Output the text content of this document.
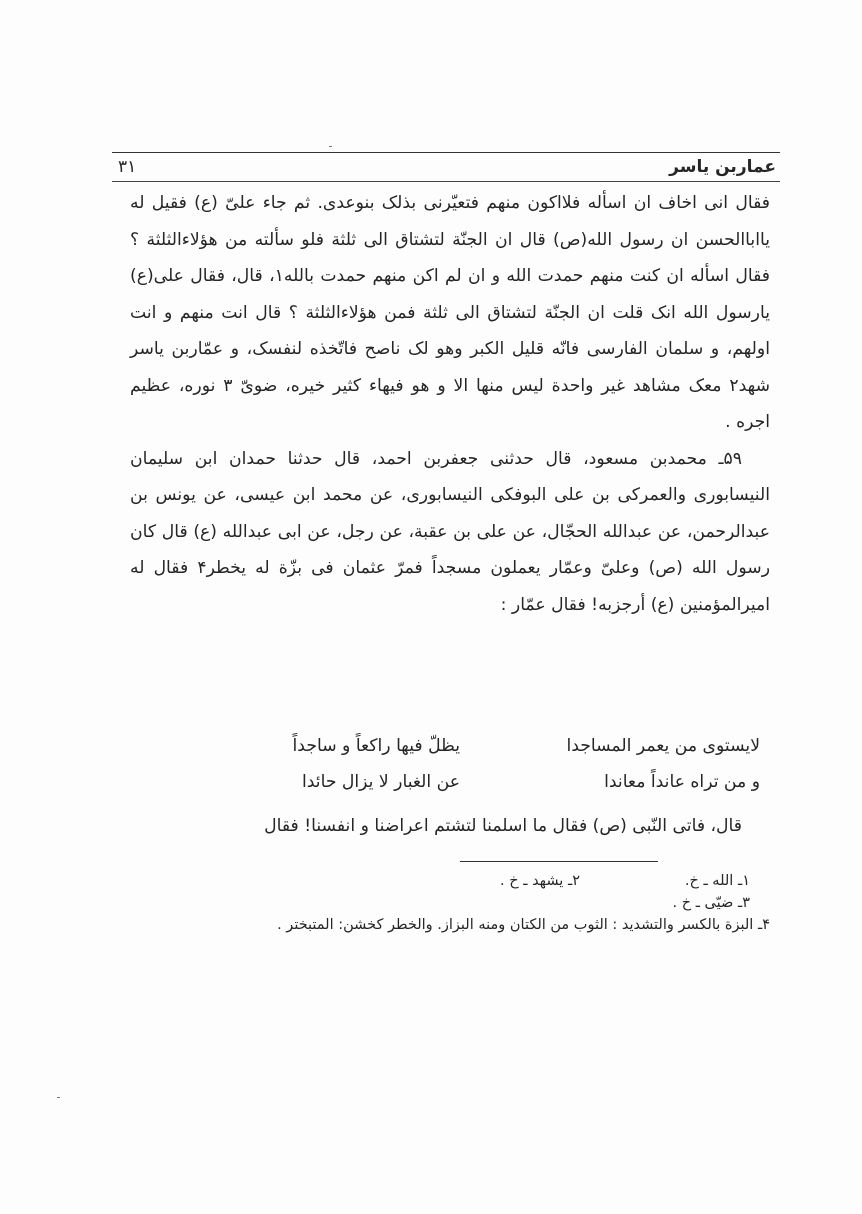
عماربن یاسر
۳۱

فقال انی اخاف ان اسأله فلااکون منهم فتعیّرنی بذلک بنوعدی. ثم جاء علیّ (ع) فقیل له یااباالحسن ان رسول الله(ص) قال ان الجنّة لتشتاق الی ثلثة فلو سألته من هؤلاءالثلثة ؟ فقال اسأله ان کنت منهم حمدت الله و ان لم اکن منهم حمدت بالله۱، قال، فقال علی(ع) یارسول الله انک قلت ان الجنّة لتشتاق الی ثلثة فمن هؤلاءالثلثة ؟ قال انت منهم و انت اولهم، و سلمان الفارسی فانّه قلیل الکبر وهو لک ناصح فاتّخذه لنفسک، و عمّاربن یاسر شهد۲ معک مشاهد غیر واحدة لیس منها الا و هو فیهاء کثیر خیره، ضویّ ۳ نوره، عظیم اجره .

۵۹ـ محمدبن مسعود، قال حدثنی جعفربن احمد، قال حدثنا حمدان ابن سلیمان النیسابوری والعمرکی بن علی البوفکی النیسابوری، عن محمد ابن عیسی، عن یونس بن عبدالرحمن، عن عبدالله الحجّال، عن علی بن عقبة، عن رجل، عن ابی عبدالله (ع) قال کان رسول الله (ص) وعلیّ وعمّار یعملون مسجداً فمرّ عثمان فی بزّة له یخطر۴ فقال له امیرالمؤمنین (ع) أرجزبه! فقال عمّار :

لایستوی من یعمر المساجدا
یظلّ فیها راکعاً و ساجداً
و من تراه عانداً معاندا
عن الغبار لا یزال حائدا
قال، فاتی النّبی (ص) فقال ما اسلمنا لتشتم اعراضنا و انفسنا! فقال
۱ـ الله ـ خ.
۲ـ یشهد ـ خ .
۳ـ ضیّی ـ خ .
۴ـ البزة بالکسر والتشدید : الثوب من الکتان ومنه البزاز. والخطر کخشن: المتبختر .
